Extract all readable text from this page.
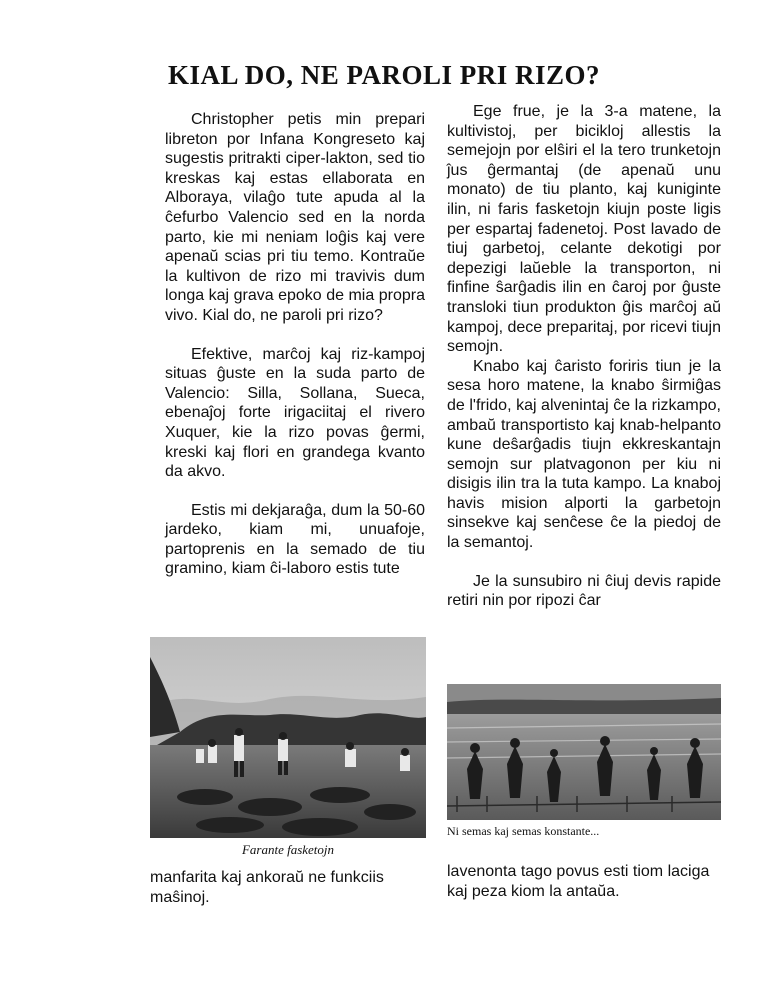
KIAL DO, NE PAROLI PRI RIZO?

Christopher petis min prepari libreton por Infana Kongreseto kaj sugestis pritrakti ciper-lakton, sed tio kreskas kaj estas ellaborata en Alboraya, vilaĝo tute apuda al la ĉefurbo Valencio sed en la norda parto, kie mi neniam loĝis kaj vere apenaŭ scias pri tiu temo. Kontraŭe la kultivon de rizo mi travivis dum longa kaj grava epoko de mia propra vivo. Kial do, ne paroli pri rizo?

Efektive, marĉoj kaj riz-kampoj situas ĝuste en la suda parto de Valencio: Silla, Sollana, Sueca, ebenaĵoj forte irigaciitaj el rivero Xuquer, kie la rizo povas ĝermi, kreski kaj flori en grandega kvanto da akvo.

Estis mi dekjaraĝa, dum la 50-60 jardeko, kiam mi, unuafoje, partoprenis en la semado de tiu gramino, kiam ĉi-laboro estis tute

Ege frue, je la 3-a matene, la kultivistoj, per bicikloj allestis la semejojn por elŝiri el la tero trunketojn ĵus ĝermantaj (de apenaŭ unu monato) de tiu planto, kaj kuniginte ilin, ni faris fasketojn kiujn poste ligis per espartaj fadenetoj. Post lavado de tiuj garbetoj, celante dekotigi por depezigi laŭeble la transporton, ni finfine ŝarĝadis ilin en ĉaroj por ĝuste transloki tiun produkton ĝis marĉoj aŭ kampoj, dece preparitaj, por ricevi tiujn semojn.

Knabo kaj ĉaristo foriris tiun je la sesa horo matene, la knabo ŝirmiĝas de l'frido, kaj alvenintaj ĉe la rizkampo, ambaŭ transportisto kaj knab-helpanto kune deŝarĝadis tiujn ekkreskantajn semojn sur platvagonon per kiu ni disigis ilin tra la tuta kampo. La knaboj havis mision alporti la garbetojn sinsekve kaj senĉese ĉe la piedoj de la semantoj.

Je la sunsubiro ni ĉiuj devis rapide retiri nin por ripozi ĉar

Farante fasketojn
Ni semas kaj semas konstante...
manfarita kaj ankoraŭ ne funkciis maŝinoj.
lavenonta tago povus esti tiom laciga kaj peza kiom la antaŭa.
